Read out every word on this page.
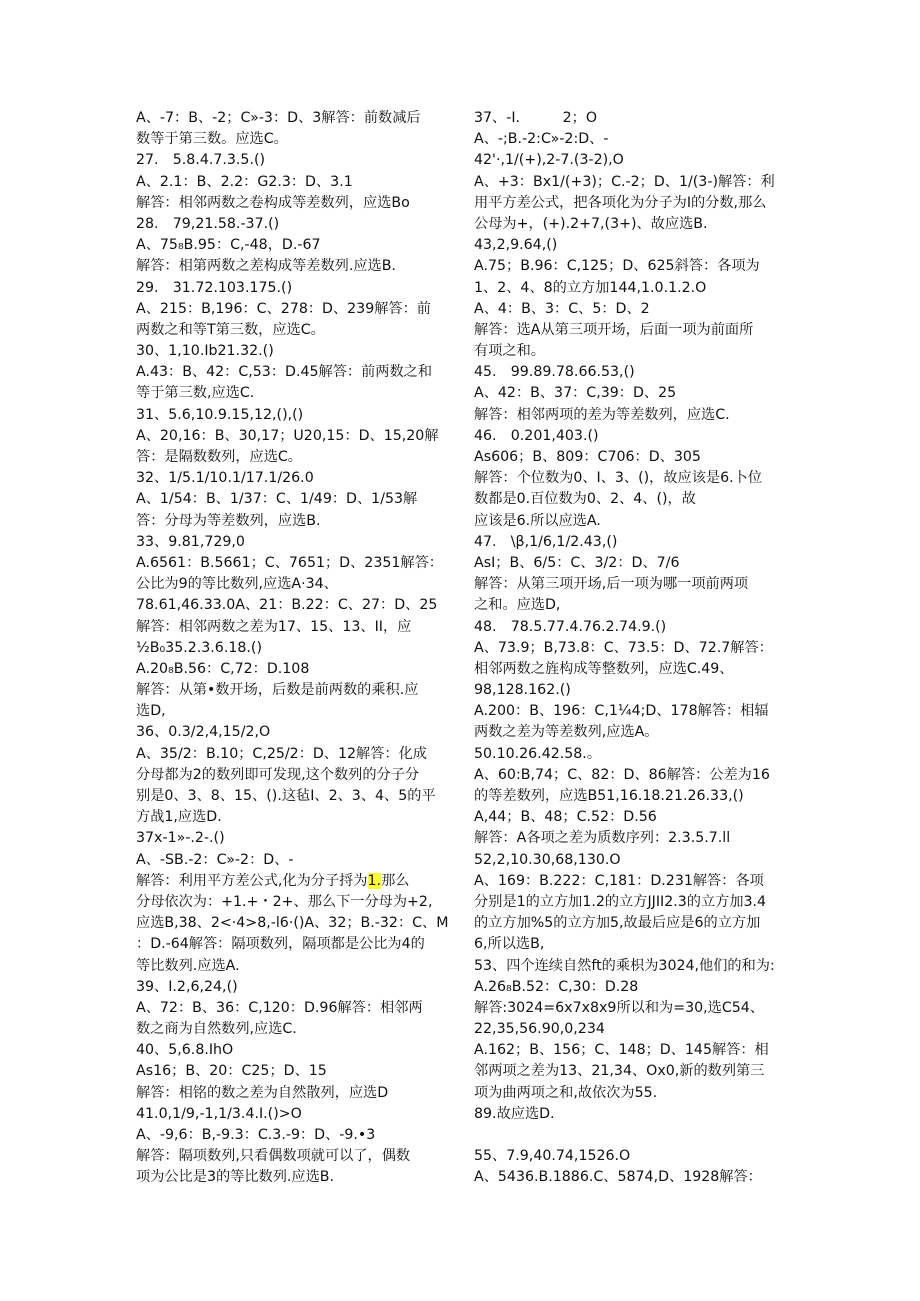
A、-7：B、-2；C»-3：D、3解答：前数减后
数等于第三数。应选C。
27.　5.8.4.7.3.5.()
A、2.1：B、2.2：G2.3：D、3.1
解答：相邻两数之卷构成等差数列，应选Bo
28.　79,21.58.-37.()
A、75₈B.95：C,-48，D.-67
解答：相第两数之差构成等差数列.应选B.
29.　31.72.103.175.()
A、215：B,196：C、278：D、239解答：前
两数之和等T第三数，应选C。
30、1,10.Ib21.32.()
A.43：B、42：C,53：D.45解答：前两数之和
等于第三数,应选C.
31、5.6,10.9.15,12,(),()
A、20,16：B、30,17；U20,15：D、15,20解
答：是隔数数列，应选C。
32、1/5.1/10.1/17.1/26.0
A、1/54：B、1/37：C、1/49：D、1/53解
答：分母为等差数列，应选B.
33、9.81,729,0
A.6561：B.5661；C、7651；D、2351解答：
公比为9的等比数列,应选A·34、
78.61,46.33.0A、21：B.22：C、27：D、25
解答：相邻两数之差为17、15、13、II，应
½B₀35.2.3.6.18.()
A.20₈B.56：C,72：D.108
解答：从第•数开场，后数是前两数的乘积.应
选D,
36、0.3/2,4,15/2,O
A、35/2：B.10；C,25/2：D、12解答：化成
分母都为2的数列即可发现,这个数列的分子分
别是0、3、8、15、().这毡I、2、3、4、5的平
方战1,应选D.
37x-1»-.2-.()
A、-SB.-2：C»-2：D、-
解答：利用平方差公式,化为分子捋为1.那么
分母依次为：+1.+・2+、那么下一分母为+2,
应选B,38、2<·4>8,-l6·()A、32；B.-32：C、M
：D.-64解答：隔项数列，隔项都是公比为4的
等比数列.应选A.
39、I.2,6,24,()
A、72：B、36：C,120：D.96解答：相邻两
数之商为自然数列,应选C.
40、5,6.8.IhO
As16；B、20：C25；D、15
解答：相铭的数之差为自然散列，应选D
41.0,1/9,-1,1/3.4.I.()>O
A、-9,6：B,-9.3：C.3.-9：D、-9.•3
解答：隔项数列,只看偶数项就可以了，偶数
项为公比是3的等比数列.应选B.
37、-I.　　　2；O
A、-;B.-2:C»-2:D、-
42'·,1/(+),2-7.(3-2),O
A、+3：Bx1/(+3)；C.-2；D、1/(3-)解答：利
用平方差公式，把各项化为分子为I的分数,那么
公母为+，(+).2+7,(3+)、故应选B.
43,2,9.64,()
A.75；B.96：C,125；D、625斜答：各项为
1、2、4、8的立方加144,1.0.1.2.O
A、4：B、3：C、5：D、2
解答：选A从第三项开场，后面一项为前面所
有项之和。
45.　99.89.78.66.53,()
A、42：B、37：C,39：D、25
解答：相邻两项的差为等差数列，应选C.
46.　0.201,403.()
As606；B、809：C706：D、305
解答：个位数为0、I、3、()，故应该是6.卜位
数都是0.百位数为0、2、4、()，故
应该是6.所以应选A.
47.　\β,1/6,1/2.43,()
AsI；B、6/5：C、3/2：D、7/6
解答：从第三项开场,后一项为哪一项前两项
之和。应选D,
48.　78.5.77.4.76.2.74.9.()
A、73.9；B,73.8：C、73.5：D、72.7解答：
相邻两数之旌构成等整数列，应选C.49、
98,128.162.()
A.200：B、196：C,1¼4;D、178解答：相辐
两数之差为等差数列,应选A。
50.10.26.42.58.。
A、60:B,74；C、82：D、86解答：公差为16
的等差数列，应选B51,16.18.21.26.33,()
A,44；B、48；C.52：D.56
解答：A各项之差为质数序列：2.3.5.7.ll
52,2,10.30,68,130.O
A、169：B.222：C,181：D.231解答：各项
分别是1的立方加1.2的立方JJII2.3的立方加3.4
的立方加%5的立方加5,故最后应是6的立方加
6,所以选B,
53、四个连续自然ft的乘枳为3024,他们的和为:
A.26₈B.52：C,30：D.28
解答:3024=6x7x8x9所以和为=30,选C54、
22,35,56.90,0,234
A.162；B、156；C、148；D、145解答：相
邻两项之差为13、21,34、Ox0,新的数列第三
项为曲两项之和,故依次为55.
89.故应选D.
55、7.9,40.74,1526.O
A、5436.B.1886.C、5874,D、1928解答：
